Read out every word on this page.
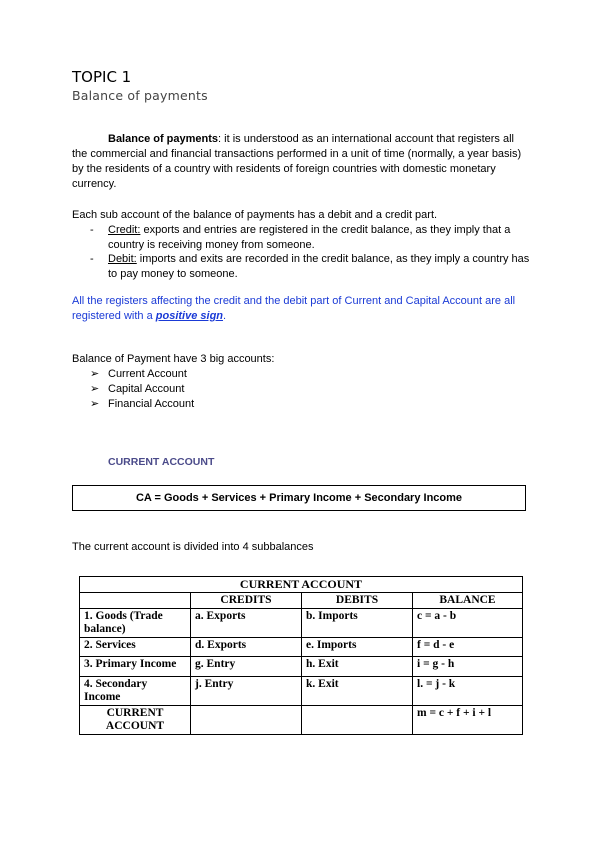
TOPIC 1
Balance of payments
Balance of payments: it is understood as an international account that registers all the commercial and financial transactions performed in a unit of time (normally, a year basis) by the residents of a country with residents of foreign countries with domestic monetary currency.
Each sub account of the balance of payments has a debit and a credit part.
-	Credit: exports and entries are registered in the credit balance, as they imply that a country is receiving money from someone.
-	Debit: imports and exits are recorded in the credit balance, as they imply a country has to pay money to someone.
All the registers affecting the credit and the debit part of Current and Capital Account are all registered with a positive sign.
Balance of Payment have 3 big accounts:
➢ Current Account
➢ Capital Account
➢ Financial Account
CURRENT ACCOUNT
CA = Goods + Services + Primary Income + Secondary Income
The current account is divided into 4 subbalances
CURRENT ACCOUNT			
	CREDITS	DEBITS	BALANCE
1. Goods (Trade balance)	a. Exports	b. Imports	c = a - b
2. Services	d. Exports	e. Imports	f = d - e
3. Primary Income	g. Entry	h. Exit	i = g - h
4. Secondary Income	j. Entry	k. Exit	l. = j - k
CURRENT ACCOUNT			m = c + f + i + l
